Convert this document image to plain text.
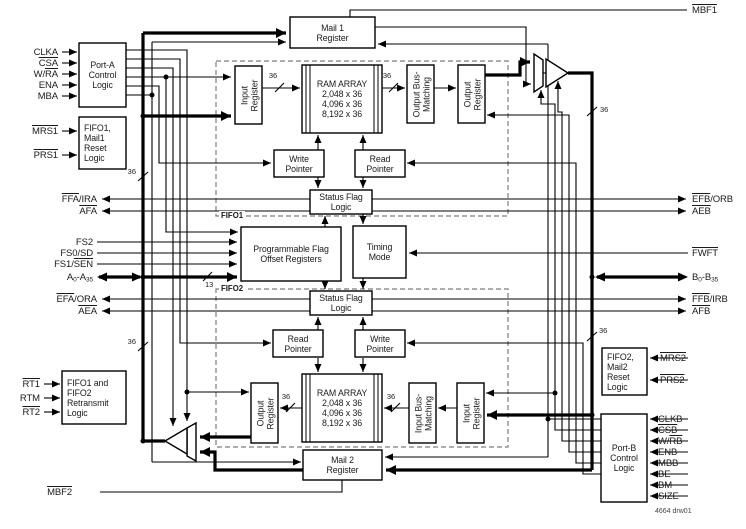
Port-A
Control
Logic
FIFO1,
Mail1
Reset
Logic
FIFO1 and
FIFO2
Retransmit
Logic
Mail 1
Register
Input
Register	RAM ARRAY
2,048 x 36
4,096 x 36
8,192 x 36	Output Bus-
Matching	Output
Register
Write
Pointer
Read
Pointer
Status Flag
Logic
Programmable Flag
Offset Registers
Timing
Mode
Status Flag
Logic
Read
Pointer
Write
Pointer
Output
Register
RAM ARRAY
2,048 x 36
4,096 x 36
8,192 x 36	Input Bus-
Matching	Input
Register
Mail 2
Register
FIFO2,
Mail2
Reset
Logic
Port-B
Control
Logic
FIFO1
FIFO2
36
36
36	36
36	36
36
36
13
CLKA
$\overline{CSA}$
$W/\overline{RA}$
ENA
MBA
MRS1
PRS1
$\overline{FFA}$/IRA
$\overline{AFA}$
FS2
FS0/SD
$FS1/\overline{SEN}$
A0-A35
$\overline{EFA}$/ORA
$\overline{AEA}$
RT1
RTM
RT2
MBF2
MBF1
$\overline{EFB}$/ORB
$\overline{AEB}$
FWFT
B0-B35
$\overline{FFB}$/IRB
$\overline{AFB}$
MRS2
PRS2
CLKB
$\overline{CSB}$
$W/\overline{RB}$
ENB
MBB
BE
BM
SIZE
4664 drw01
